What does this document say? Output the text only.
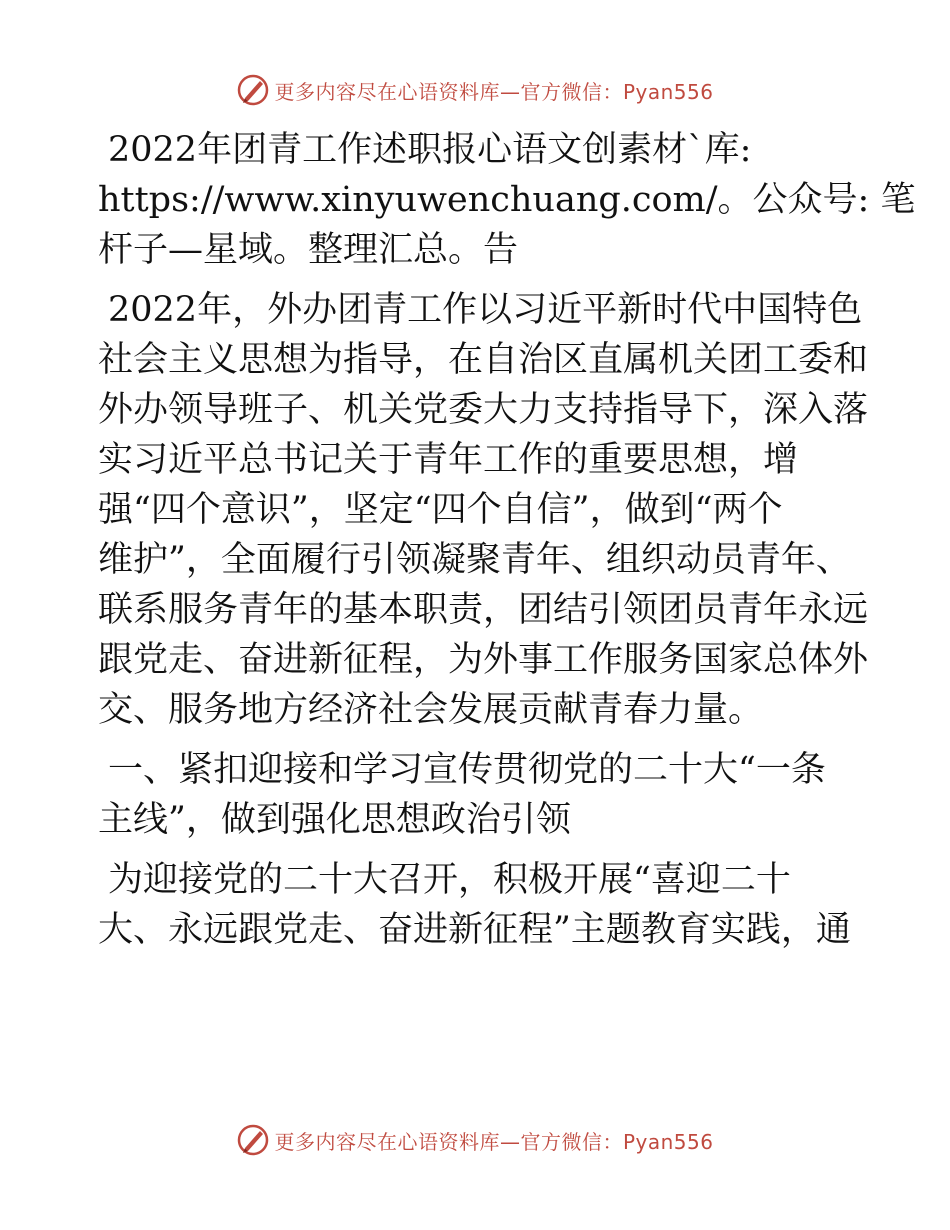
更多内容尽在心语资料库—官方微信：Pyan556
2022年团青工作述职报心语文创素材ˋ库:
https://www.xinyuwenchuang.com/。公众号: 笔
杆子—星域。整理汇总。告
2022年，外办团青工作以习近平新时代中国特色
社会主义思想为指导，在自治区直属机关团工委和
外办领导班子、机关党委大力支持指导下，深入落
实习近平总书记关于青年工作的重要思想，增
强“四个意识”，坚定“四个自信”，做到“两个
维护”，全面履行引领凝聚青年、组织动员青年、
联系服务青年的基本职责，团结引领团员青年永远
跟党走、奋进新征程，为外事工作服务国家总体外
交、服务地方经济社会发展贡献青春力量。
一、紧扣迎接和学习宣传贯彻党的二十大“一条
主线”，做到强化思想政治引领
为迎接党的二十大召开，积极开展“喜迎二十
大、永远跟党走、奋进新征程”主题教育实践，通
更多内容尽在心语资料库—官方微信：Pyan556
